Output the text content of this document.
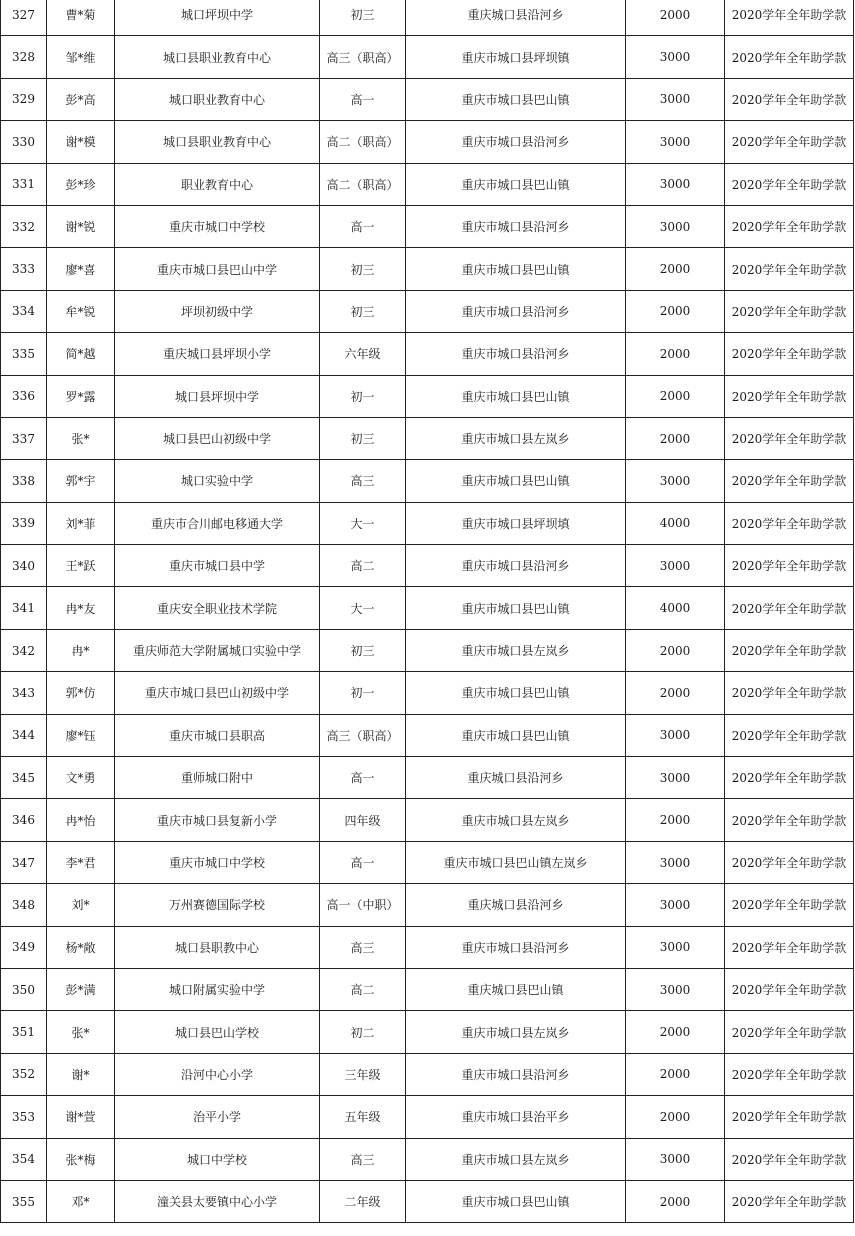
327	曹*菊	城口坪坝中学	初三	重庆城口县沿河乡	2000	2020学年全年助学款
328	邹*维	城口县职业教育中心	高三（职高）	重庆市城口县坪坝镇	3000	2020学年全年助学款
329	彭*高	城口职业教育中心	高一	重庆市城口县巴山镇	3000	2020学年全年助学款
330	谢*模	城口县职业教育中心	高二（职高）	重庆市城口县沿河乡	3000	2020学年全年助学款
331	彭*珍	职业教育中心	高二（职高）	重庆市城口县巴山镇	3000	2020学年全年助学款
332	谢*锐	重庆市城口中学校	高一	重庆市城口县沿河乡	3000	2020学年全年助学款
333	廖*喜	重庆市城口县巴山中学	初三	重庆市城口县巴山镇	2000	2020学年全年助学款
334	牟*锐	坪坝初级中学	初三	重庆市城口县沿河乡	2000	2020学年全年助学款
335	简*越	重庆城口县坪坝小学	六年级	重庆市城口县沿河乡	2000	2020学年全年助学款
336	罗*露	城口县坪坝中学	初一	重庆市城口县巴山镇	2000	2020学年全年助学款
337	张*	城口县巴山初级中学	初三	重庆市城口县左岚乡	2000	2020学年全年助学款
338	郭*宇	城口实验中学	高三	重庆市城口县巴山镇	3000	2020学年全年助学款
339	刘*菲	重庆市合川邮电移通大学	大一	重庆市城口县坪坝填	4000	2020学年全年助学款
340	王*跃	重庆市城口县中学	高二	重庆市城口县沿河乡	3000	2020学年全年助学款
341	冉*友	重庆安全职业技术学院	大一	重庆市城口县巴山镇	4000	2020学年全年助学款
342	冉*	重庆师范大学附属城口实验中学	初三	重庆市城口县左岚乡	2000	2020学年全年助学款
343	郭*仿	重庆市城口县巴山初级中学	初一	重庆市城口县巴山镇	2000	2020学年全年助学款
344	廖*钰	重庆市城口县职高	高三（职高）	重庆市城口县巴山镇	3000	2020学年全年助学款
345	文*勇	重师城口附中	高一	重庆城口县沿河乡	3000	2020学年全年助学款
346	冉*怡	重庆市城口县复新小学	四年级	重庆市城口县左岚乡	2000	2020学年全年助学款
347	李*君	重庆市城口中学校	高一	重庆市城口县巴山镇左岚乡	3000	2020学年全年助学款
348	刘*	万州赛德国际学校	高一（中职）	重庆城口县沿河乡	3000	2020学年全年助学款
349	杨*敞	城口县职教中心	高三	重庆市城口县沿河乡	3000	2020学年全年助学款
350	彭*满	城口附属实验中学	高二	重庆城口县巴山镇	3000	2020学年全年助学款
351	张*	城口县巴山学校	初二	重庆市城口县左岚乡	2000	2020学年全年助学款
352	谢*	沿河中心小学	三年级	重庆市城口县沿河乡	2000	2020学年全年助学款
353	谢*萱	治平小学	五年级	重庆市城口县治平乡	2000	2020学年全年助学款
354	张*梅	城口中学校	高三	重庆市城口县左岚乡	3000	2020学年全年助学款
355	邓*	潼关县太要镇中心小学	二年级	重庆市城口县巴山镇	2000	2020学年全年助学款
